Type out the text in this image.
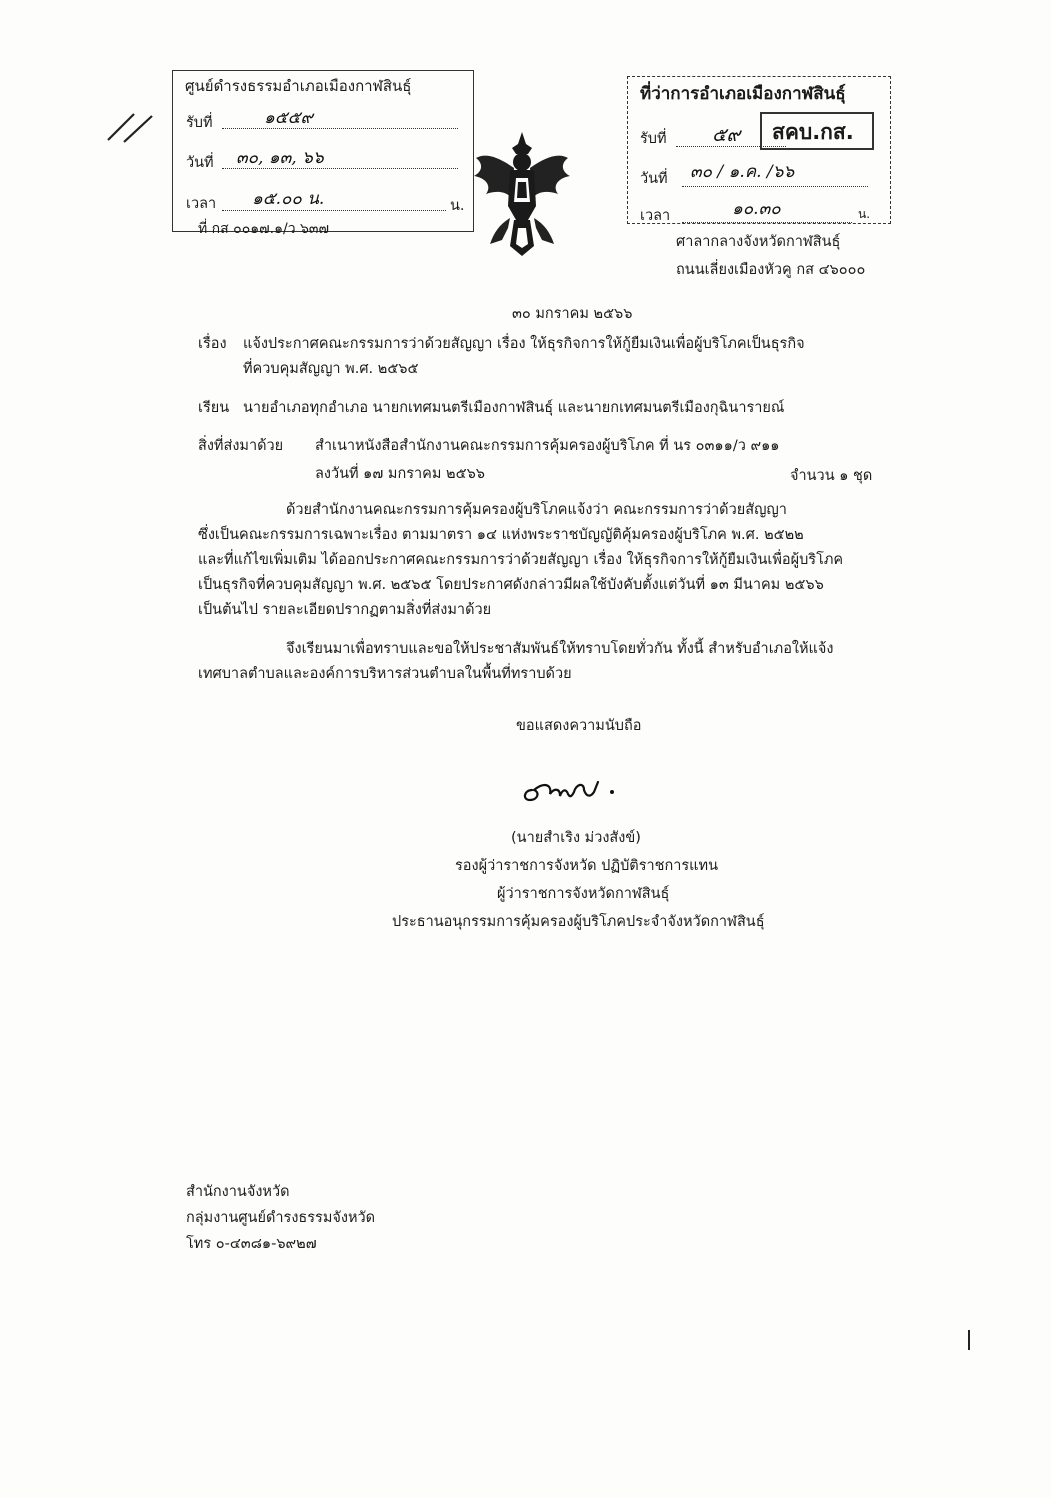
ศูนย์ดำรงธรรมอำเภอเมืองกาฬสินธุ์
รับที่	๑๕๕๙
วันที่ ๓๐, ๑๓, ๖๖
เวลา ๑๕.๐๐ น.	น.
ที่ กส ๐๐๑๗.๑/ว ๖๓๗
ที่ว่าการอำเภอเมืองกาฬสินธุ์
รับที่ ๕๙ สคบ.กส.
วันที่ ๓๐ / ๑.ค. /๖๖
เวลา	๑๐.๓๐	น.
ศาลากลางจังหวัดกาฬสินธุ์
ถนนเลี่ยงเมืองหัวคู กส ๔๖๐๐๐
๓๐ มกราคม ๒๕๖๖
เรื่อง แจ้งประกาศคณะกรรมการว่าด้วยสัญญา เรื่อง ให้ธุรกิจการให้กู้ยืมเงินเพื่อผู้บริโภคเป็นธุรกิจ
ที่ควบคุมสัญญา พ.ศ. ๒๕๖๕
เรียน นายอำเภอทุกอำเภอ นายกเทศมนตรีเมืองกาฬสินธุ์ และนายกเทศมนตรีเมืองกุฉินารายณ์
สิ่งที่ส่งมาด้วย สำเนาหนังสือสำนักงานคณะกรรมการคุ้มครองผู้บริโภค ที่ นร ๐๓๑๑/ว ๙๑๑
ลงวันที่ ๑๗ มกราคม ๒๕๖๖	จำนวน ๑ ชุด
ด้วยสำนักงานคณะกรรมการคุ้มครองผู้บริโภคแจ้งว่า คณะกรรมการว่าด้วยสัญญา
ซึ่งเป็นคณะกรรมการเฉพาะเรื่อง ตามมาตรา ๑๔ แห่งพระราชบัญญัติคุ้มครองผู้บริโภค พ.ศ. ๒๕๒๒
และที่แก้ไขเพิ่มเติม ได้ออกประกาศคณะกรรมการว่าด้วยสัญญา เรื่อง ให้ธุรกิจการให้กู้ยืมเงินเพื่อผู้บริโภค
เป็นธุรกิจที่ควบคุมสัญญา พ.ศ. ๒๕๖๕ โดยประกาศดังกล่าวมีผลใช้บังคับตั้งแต่วันที่ ๑๓ มีนาคม ๒๕๖๖
เป็นต้นไป รายละเอียดปรากฏตามสิ่งที่ส่งมาด้วย
จึงเรียนมาเพื่อทราบและขอให้ประชาสัมพันธ์ให้ทราบโดยทั่วกัน ทั้งนี้ สำหรับอำเภอให้แจ้ง
เทศบาลตำบลและองค์การบริหารส่วนตำบลในพื้นที่ทราบด้วย
ขอแสดงความนับถือ
(นายสำเริง ม่วงสังข์)
รองผู้ว่าราชการจังหวัด ปฏิบัติราชการแทน
ผู้ว่าราชการจังหวัดกาฬสินธุ์
ประธานอนุกรรมการคุ้มครองผู้บริโภคประจำจังหวัดกาฬสินธุ์
สำนักงานจังหวัด
กลุ่มงานศูนย์ดำรงธรรมจังหวัด
โทร ๐-๔๓๘๑-๖๙๒๗
